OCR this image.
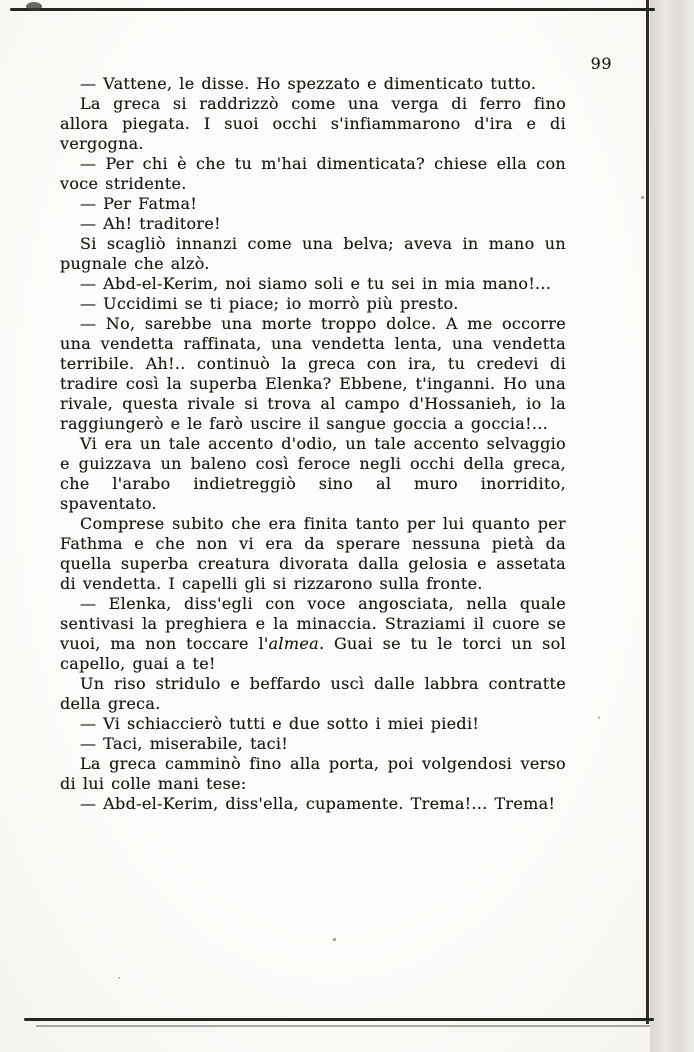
99

— Vattene, le disse. Ho spezzato e dimenticato tutto.

La greca si raddrizzò come una verga di ferro fino allora piegata. I suoi occhi s'infiammarono d'ira e di vergogna.

— Per chi è che tu m'hai dimenticata? chiese ella con voce stridente.

— Per Fatma!

— Ah! traditore!

Si scagliò innanzi come una belva; aveva in mano un pugnale che alzò.

— Abd-el-Kerim, noi siamo soli e tu sei in mia mano!...

— Uccidimi se ti piace; io morrò più presto.

— No, sarebbe una morte troppo dolce. A me occorre una vendetta raffinata, una vendetta lenta, una vendetta terribile. Ah!.. continuò la greca con ira, tu credevi di tradire così la superba Elenka? Ebbene, t'inganni. Ho una rivale, questa rivale si trova al campo d'Hossanieh, io la raggiungerò e le farò uscire il sangue goccia a goccia!...

Vi era un tale accento d'odio, un tale accento selvaggio e guizzava un baleno così feroce negli occhi della greca, che l'arabo indietreggiò sino al muro inorridito, spaventato.

Comprese subito che era finita tanto per lui quanto per Fathma e che non vi era da sperare nessuna pietà da quella superba creatura divorata dalla gelosia e assetata di vendetta. I capelli gli si rizzarono sulla fronte.

— Elenka, diss'egli con voce angosciata, nella quale sentivasi la preghiera e la minaccia. Straziami il cuore se vuoi, ma non toccare l'almea. Guai se tu le torci un sol capello, guai a te!

Un riso stridulo e beffardo uscì dalle labbra contratte della greca.

— Vi schiaccierò tutti e due sotto i miei piedi!

— Taci, miserabile, taci!

La greca camminò fino alla porta, poi volgendosi verso di lui colle mani tese:

— Abd-el-Kerim, diss'ella, cupamente. Trema!... Trema!
